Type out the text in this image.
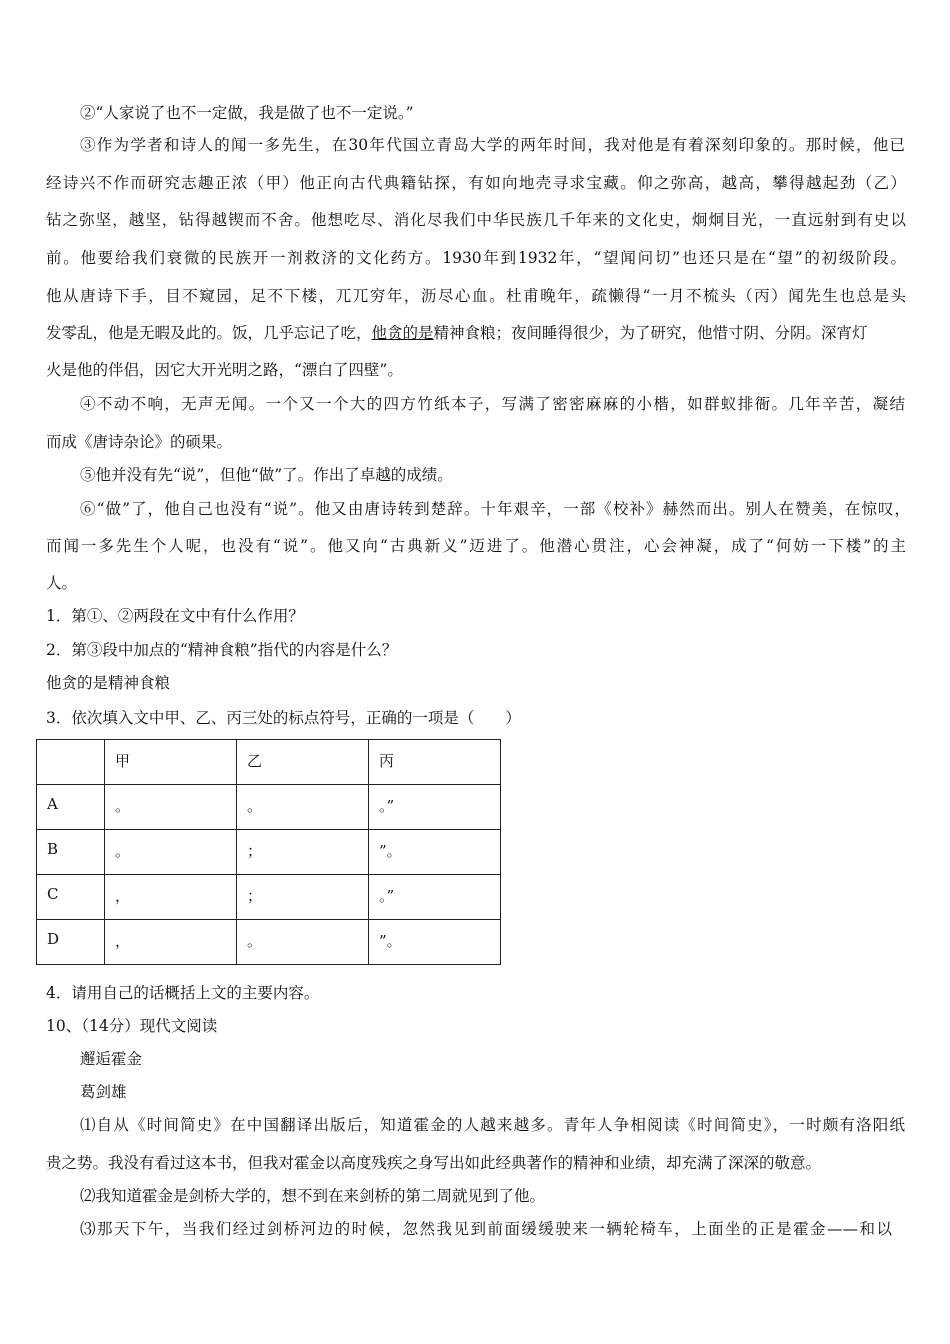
②“人家说了也不一定做，我是做了也不一定说。”
③作为学者和诗人的闻一多先生，在30年代国立青岛大学的两年时间，我对他是有着深刻印象的。那时候，他已
经诗兴不作而研究志趣正浓（甲）他正向古代典籍钻探，有如向地壳寻求宝藏。仰之弥高，越高，攀得越起劲（乙）
钻之弥坚，越坚，钻得越锲而不舍。他想吃尽、消化尽我们中华民族几千年来的文化史，炯炯目光，一直远射到有史以
前。他要给我们衰微的民族开一剂救济的文化药方。1930年到1932年，“望闻问切”也还只是在“望”的初级阶段。
他从唐诗下手，目不窥园，足不下楼，兀兀穷年，沥尽心血。杜甫晚年，疏懒得“一月不梳头（丙）闻先生也总是头
发零乱，他是无暇及此的。饭，几乎忘记了吃，他贪的是精神食粮；夜间睡得很少，为了研究，他惜寸阴、分阴。深宵灯
火是他的伴侣，因它大开光明之路，“漂白了四壁”。
④不动不响，无声无闻。一个又一个大的四方竹纸本子，写满了密密麻麻的小楷，如群蚁排衙。几年辛苦，凝结
而成《唐诗杂论》的硕果。
⑤他并没有先“说”，但他“做”了。作出了卓越的成绩。
⑥“做”了，他自己也没有“说”。他又由唐诗转到楚辞。十年艰辛，一部《校补》赫然而出。别人在赞美，在惊叹，
而闻一多先生个人呢，也没有“说”。他又向“古典新义”迈进了。他潜心贯注，心会神凝，成了“何妨一下楼”的主
人。
1．第①、②两段在文中有什么作用？
2．第③段中加点的“精神食粮”指代的内容是什么？
他贪的是精神食粮
3．依次填入文中甲、乙、丙三处的标点符号，正确的一项是（　　）
	甲	乙	丙
A	。	。	。”
B	。	；	”。
C	，	；	。”
D	，	。	”。
4．请用自己的话概括上文的主要内容。
10、（14分）现代文阅读
邂逅霍金
葛剑雄
⑴自从《时间简史》在中国翻译出版后，知道霍金的人越来越多。青年人争相阅读《时间简史》，一时颇有洛阳纸
贵之势。我没有看过这本书，但我对霍金以高度残疾之身写出如此经典著作的精神和业绩，却充满了深深的敬意。
⑵我知道霍金是剑桥大学的，想不到在来剑桥的第二周就见到了他。
⑶那天下午，当我们经过剑桥河边的时候，忽然我见到前面缓缓驶来一辆轮椅车，上面坐的正是霍金——和以
